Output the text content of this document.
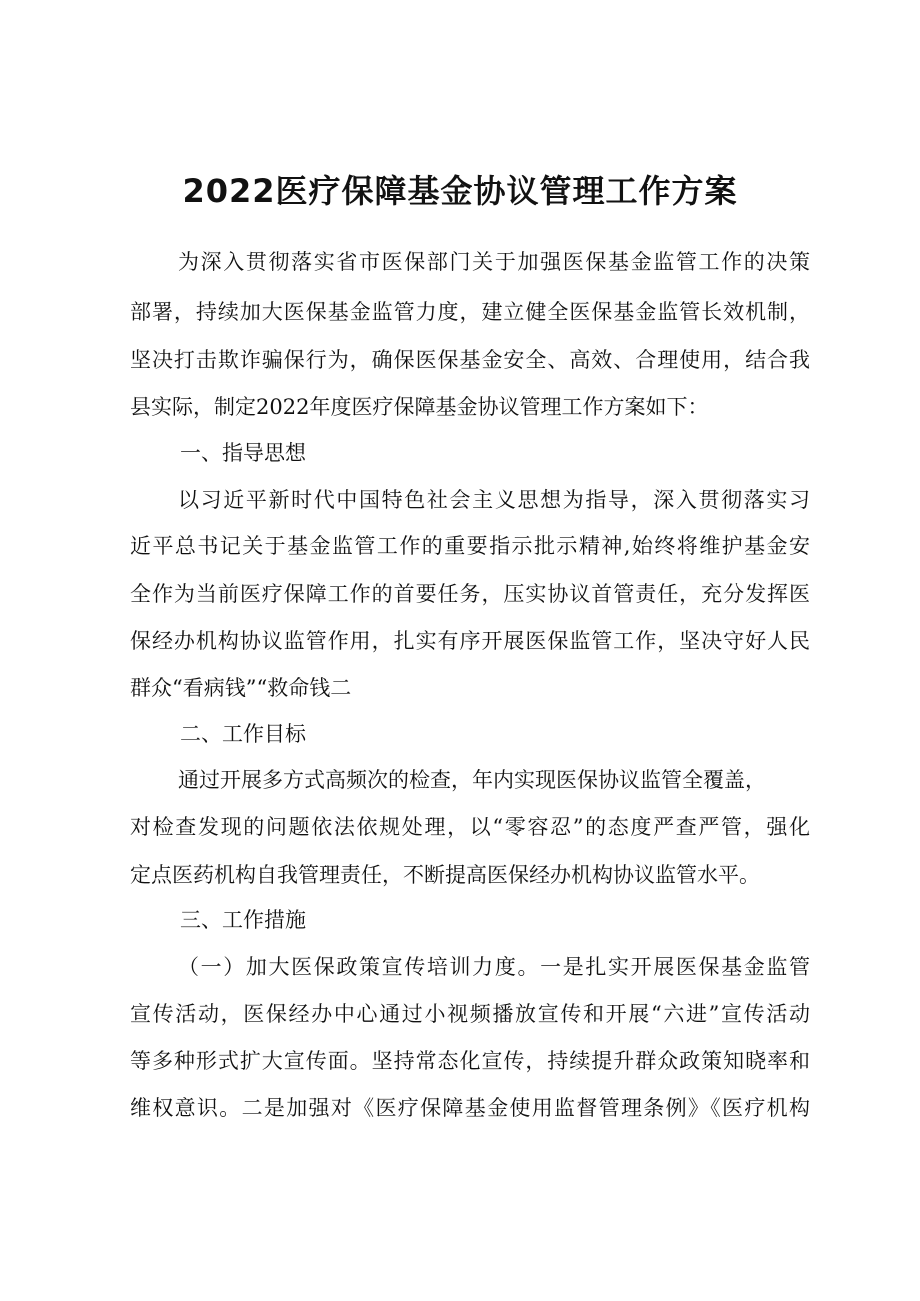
2022医疗保障基金协议管理工作方案

为深入贯彻落实省市医保部门关于加强医保基金监管工作的决策

部署，持续加大医保基金监管力度，建立健全医保基金监管长效机制，

坚决打击欺诈骗保行为，确保医保基金安全、高效、合理使用，结合我

县实际，制定2022年度医疗保障基金协议管理工作方案如下：

一、指导思想

以习近平新时代中国特色社会主义思想为指导，深入贯彻落实习

近平总书记关于基金监管工作的重要指示批示精神,始终将维护基金安

全作为当前医疗保障工作的首要任务，压实协议首管责任，充分发挥医

保经办机构协议监管作用，扎实有序开展医保监管工作，坚决守好人民

群众“看病钱”“救命钱二

二、工作目标

通过开展多方式高频次的检查，年内实现医保协议监管全覆盖，

对检查发现的问题依法依规处理，以“零容忍”的态度严查严管，强化

定点医药机构自我管理责任，不断提高医保经办机构协议监管水平。

三、工作措施

（一）加大医保政策宣传培训力度。一是扎实开展医保基金监管

宣传活动，医保经办中心通过小视频播放宣传和开展“六进”宣传活动

等多种形式扩大宣传面。坚持常态化宣传，持续提升群众政策知晓率和

维权意识。二是加强对《医疗保障基金使用监督管理条例》《医疗机构
